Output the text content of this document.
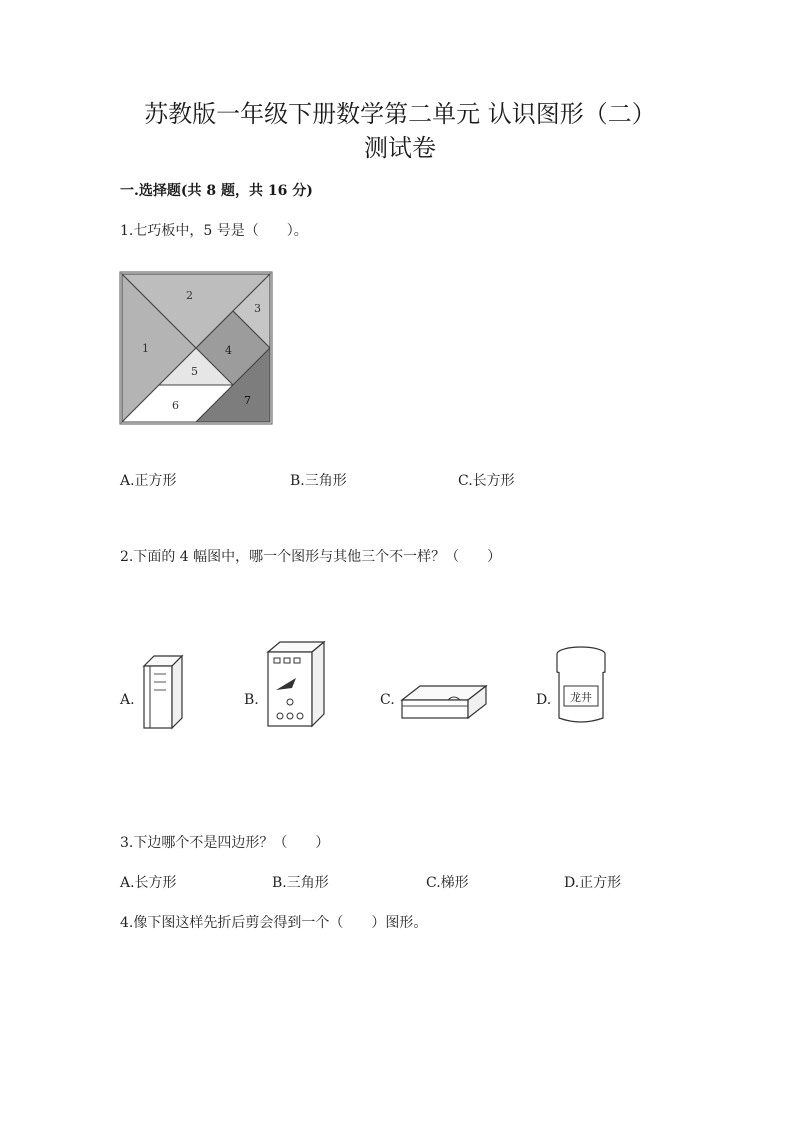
苏教版一年级下册数学第二单元 认识图形（二）
测试卷
一.选择题(共 8 题，共 16 分)
1.七巧板中，5 号是（　　）。
1
2
3
4
5
6	7
A.正方形	B.三角形	C.长方形
2.下面的 4 幅图中，哪一个图形与其他三个不一样？（　　）
A.	B.	C.	D. 龙井
3.下边哪个不是四边形？（　　）
A.长方形	B.三角形	C.梯形	D.正方形
4.像下图这样先折后剪会得到一个（　　）图形。
